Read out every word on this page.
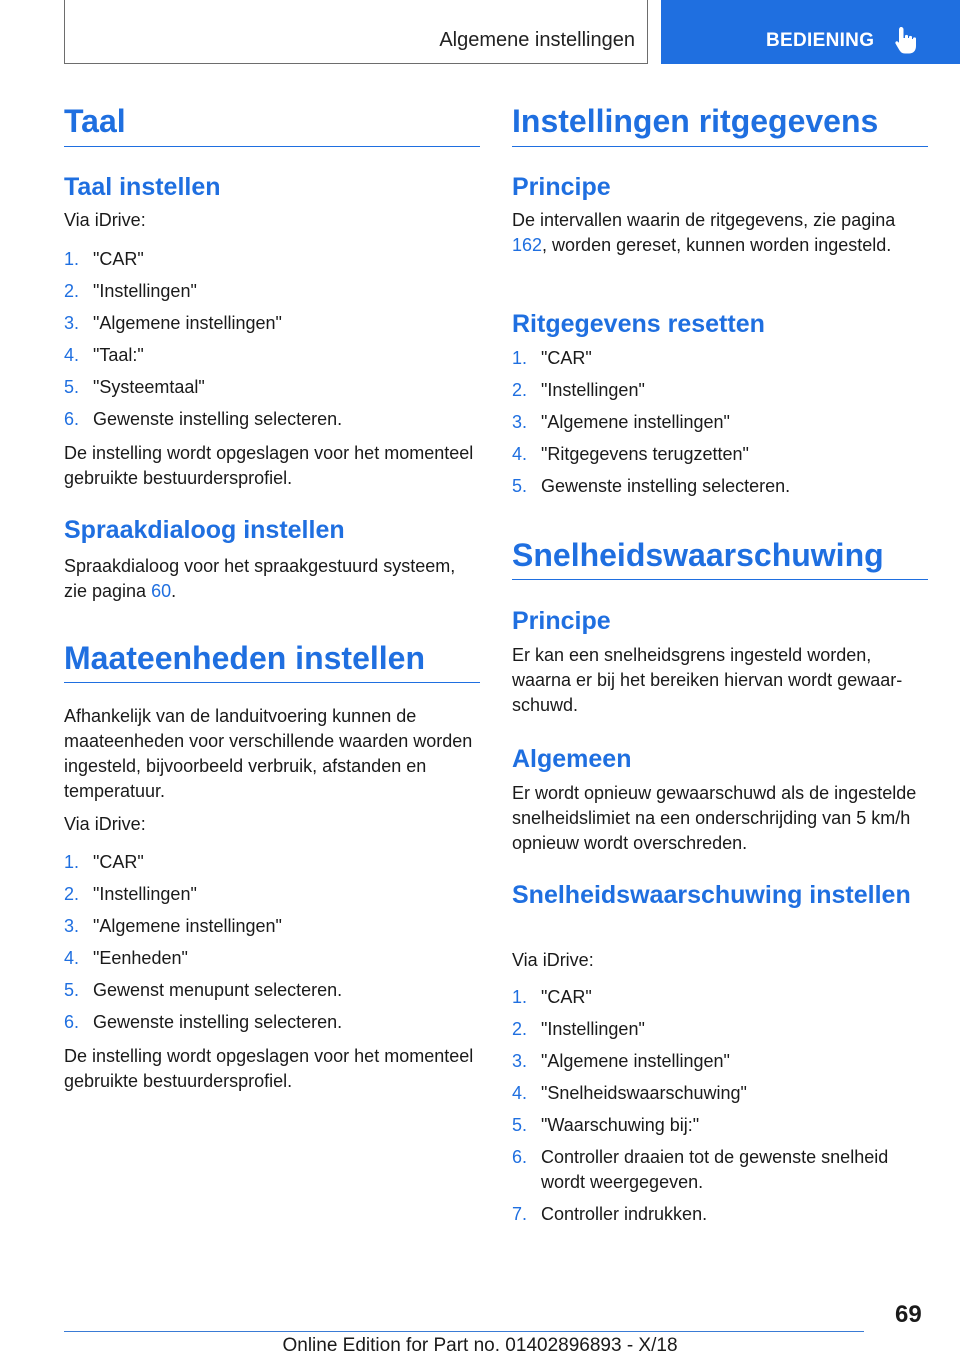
Algemene instellingen	BEDIENING
Taal
Taal instellen
Via iDrive:
1. "CAR"
2. "Instellingen"
3. "Algemene instellingen"
4. "Taal:"
5. "Systeemtaal"
6. Gewenste instelling selecteren.
De instelling wordt opgeslagen voor het momenteel gebruikte bestuurdersprofiel.
Spraakdialoog instellen
Spraakdialoog voor het spraakgestuurd systeem, zie pagina 60.
Maateenheden instellen
Afhankelijk van de landuitvoering kunnen de maateenheden voor verschillende waarden worden ingesteld, bijvoorbeeld verbruik, afstanden en temperatuur.
Via iDrive:
1. "CAR"
2. "Instellingen"
3. "Algemene instellingen"
4. "Eenheden"
5. Gewenst menupunt selecteren.
6. Gewenste instelling selecteren.
De instelling wordt opgeslagen voor het momenteel gebruikte bestuurdersprofiel.
Instellingen ritgegevens
Principe
De intervallen waarin de ritgegevens, zie pagina 162, worden gereset, kunnen worden ingesteld.
Ritgegevens resetten
1. "CAR"
2. "Instellingen"
3. "Algemene instellingen"
4. "Ritgegevens terugzetten"
5. Gewenste instelling selecteren.
Snelheidswaarschuwing
Principe
Er kan een snelheidsgrens ingesteld worden, waarna er bij het bereiken hiervan wordt gewaarschuwd.
Algemeen
Er wordt opnieuw gewaarschuwd als de ingestelde snelheidslimiet na een onderschrijding van 5 km/h opnieuw wordt overschreden.
Snelheidswaarschuwing instellen
Via iDrive:
1. "CAR"
2. "Instellingen"
3. "Algemene instellingen"
4. "Snelheidswaarschuwing"
5. "Waarschuwing bij:"
6. Controller draaien tot de gewenste snelheid wordt weergegeven.
7. Controller indrukken.
69
Online Edition for Part no. 01402896893 - X/18
